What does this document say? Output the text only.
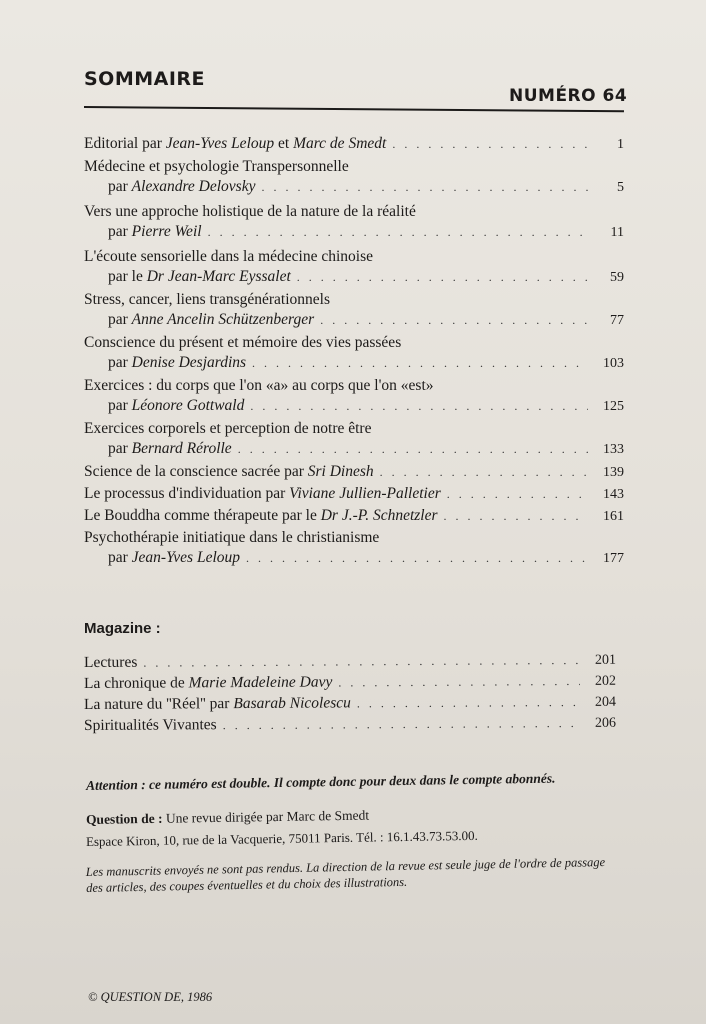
SOMMAIRE
NUMÉRO 64
Editorial par Jean-Yves Leloup et Marc de Smedt . . .	1
Médecine et psychologie Transpersonnelle
par Alexandre Delovsky . . .	5
Vers une approche holistique de la nature de la réalité
par Pierre Weil . . .	11
L'écoute sensorielle dans la médecine chinoise
par le Dr Jean-Marc Eyssalet . . .	59
Stress, cancer, liens transgénérationnels
par Anne Ancelin Schützenberger . . .	77
Conscience du présent et mémoire des vies passées
par Denise Desjardins . . .	103
Exercices : du corps que l'on «a» au corps que l'on «est»
par Léonore Gottwald . . .	125
Exercices corporels et perception de notre être
par Bernard Rérolle . . .	133
Science de la conscience sacrée par Sri Dinesh . . .	139
Le processus d'individuation par Viviane Jullien-Palletier . . .	143
Le Bouddha comme thérapeute par le Dr J.-P. Schnetzler . . .	161
Psychothérapie initiatique dans le christianisme
par Jean-Yves Leloup . . .	177
Magazine :
Lectures . . .	201
La chronique de Marie Madeleine Davy . . .	202
La nature du ''Réel'' par Basarab Nicolescu . . .	204
Spiritualités Vivantes . . .	206
Attention : ce numéro est double. Il compte donc pour deux dans le compte abonnés.
Question de : Une revue dirigée par Marc de Smedt
Espace Kiron, 10, rue de la Vacquerie, 75011 Paris. Tél. : 16.1.43.73.53.00.
Les manuscrits envoyés ne sont pas rendus. La direction de la revue est seule juge de l'ordre de passage des articles, des coupes éventuelles et du choix des illustrations.
© QUESTION DE, 1986
